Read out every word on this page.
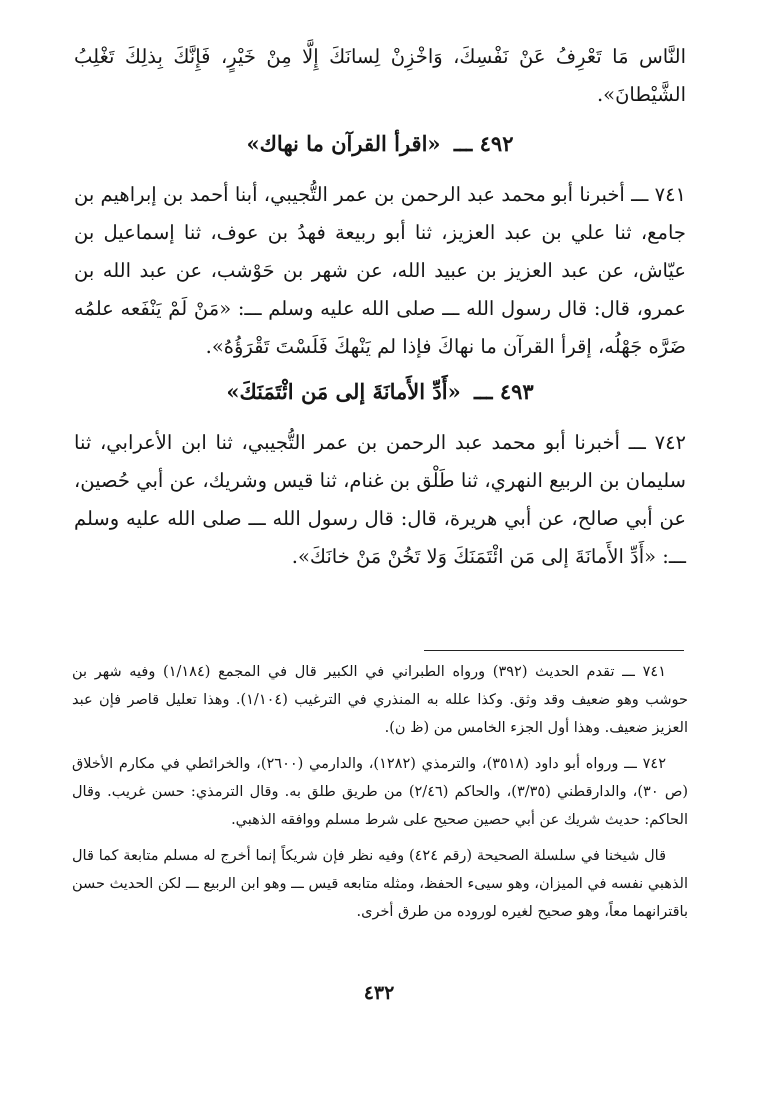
النَّاس مَا تَعْرِفُ عَنْ نَفْسِكَ، وَاخْزِنْ لِسانَكَ إِلَّا مِنْ خَيْرٍ، فَإِنَّكَ بِذلِكَ تَغْلِبُ الشَّيْطانَ».

٤٩٢ ـــ «اقرأ القرآن ما نهاك»

٧٤١ ـــ أخبرنا أبو محمد عبد الرحمن بن عمر التُّجيبي، أبنا أحمد بن إبراهيم بن جامع، ثنا علي بن عبد العزيز، ثنا أبو ربيعة فهدُ بن عوف، ثنا إسماعيل بن عيّاش، عن عبد العزيز بن عبيد الله، عن شهر بن حَوْشب، عن عبد الله بن عمرو، قال: قال رسول الله ـــ صلى الله عليه وسلم ـــ: «مَنْ لَمْ يَنْفَعه علمُه ضَرَّه جَهْلُه، إقرأ القرآن ما نهاكَ فإذا لم يَنْهكَ فَلَسْتَ تَقْرَؤُهُ».

٤٩٣ ـــ «أَدِّ الأَمانَةَ إلى مَن ائْتَمَنَكَ»

٧٤٢ ـــ أخبرنا أبو محمد عبد الرحمن بن عمر التُّجيبي، ثنا ابن الأعرابي، ثنا سليمان بن الربيع النهري، ثنا طَلْق بن غنام، ثنا قيس وشريك، عن أبي حُصين، عن أبي صالح، عن أبي هريرة، قال: قال رسول الله ـــ صلى الله عليه وسلم ـــ: «أَدِّ الأَمانَةَ إلى مَن ائْتَمَنَكَ وَلا تَخُنْ مَنْ خانَكَ».

٧٤١ ـــ تقدم الحديث (٣٩٢) ورواه الطبراني في الكبير قال في المجمع (١/١٨٤) وفيه شهر بن حوشب وهو ضعيف وقد وثق. وكذا علله به المنذري في الترغيب (١/١٠٤). وهذا تعليل قاصر فإن عبد العزيز ضعيف. وهذا أول الجزء الخامس من (ظ ن).

٧٤٢ ـــ ورواه أبو داود (٣٥١٨)، والترمذي (١٢٨٢)، والدارمي (٢٦٠٠)، والخرائطي في مكارم الأخلاق (ص ٣٠)، والدارقطني (٣/٣٥)، والحاكم (٢/٤٦) من طريق طلق به. وقال الترمذي: حسن غريب. وقال الحاكم: حديث شريك عن أبي حصين صحيح على شرط مسلم ووافقه الذهبي.

قال شيخنا في سلسلة الصحيحة (رقم ٤٢٤) وفيه نظر فإن شريكاً إنما أخرج له مسلم متابعة كما قال الذهبي نفسه في الميزان، وهو سيىء الحفظ، ومثله متابعه قيس ـــ وهو ابن الربيع ـــ لكن الحديث حسن باقترانهما معاً، وهو صحيح لغيره لوروده من طرق أخرى.

٤٣٢
